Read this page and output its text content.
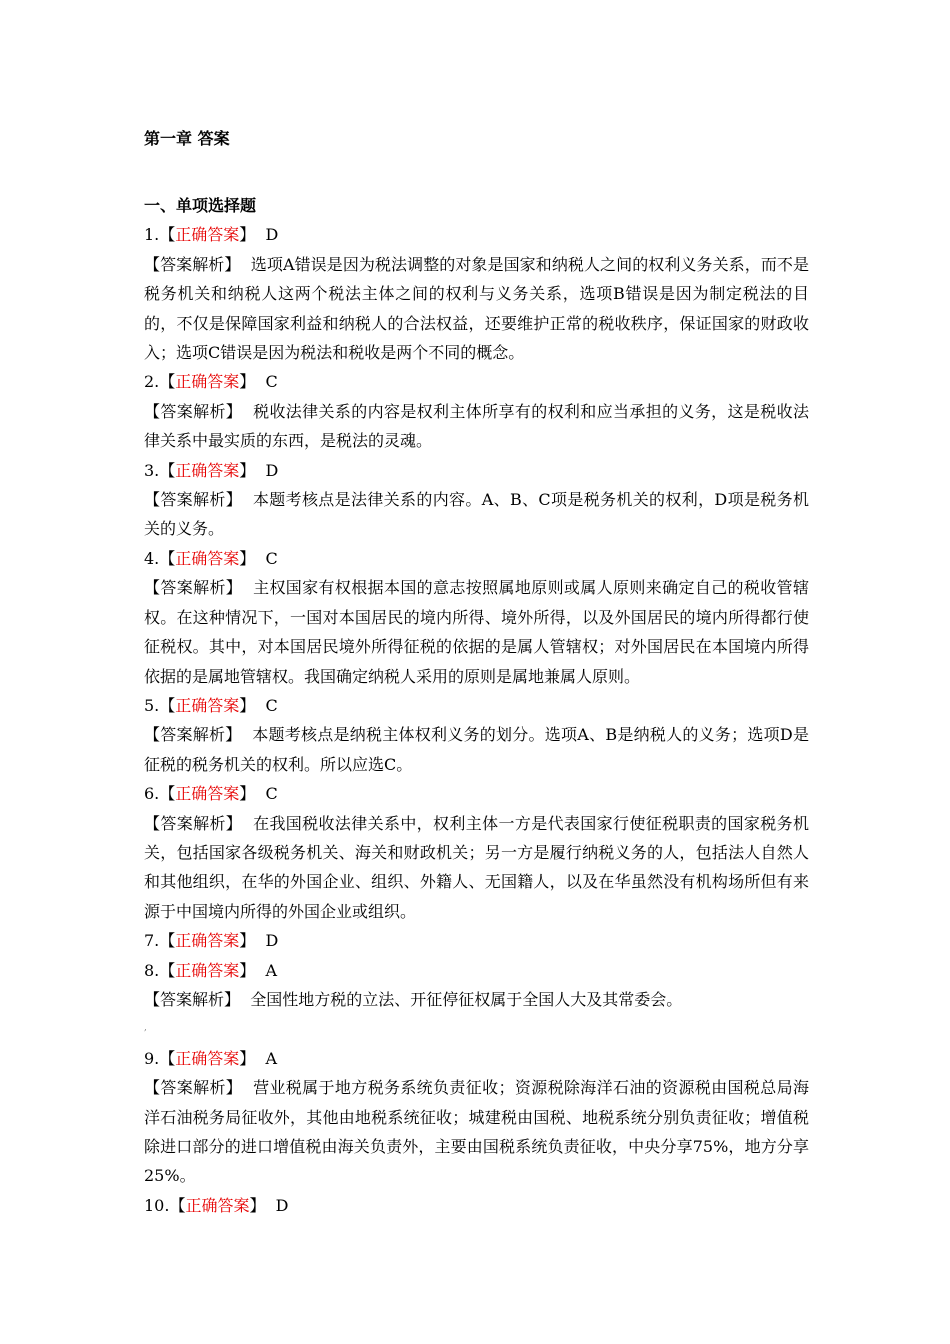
第一章 答案

一、单项选择题

1.【正确答案】 D

【答案解析】 选项A错误是因为税法调整的对象是国家和纳税人之间的权利义务关系，而不是税务机关和纳税人这两个税法主体之间的权利与义务关系，选项B错误是因为制定税法的目的，不仅是保障国家利益和纳税人的合法权益，还要维护正常的税收秩序，保证国家的财政收入；选项C错误是因为税法和税收是两个不同的概念。

2.【正确答案】 C

【答案解析】 税收法律关系的内容是权利主体所享有的权利和应当承担的义务，这是税收法律关系中最实质的东西，是税法的灵魂。

3.【正确答案】 D

【答案解析】 本题考核点是法律关系的内容。A、B、C项是税务机关的权利，D项是税务机关的义务。

4.【正确答案】 C

【答案解析】 主权国家有权根据本国的意志按照属地原则或属人原则来确定自己的税收管辖权。在这种情况下，一国对本国居民的境内所得、境外所得，以及外国居民的境内所得都行使征税权。其中，对本国居民境外所得征税的依据的是属人管辖权；对外国居民在本国境内所得依据的是属地管辖权。我国确定纳税人采用的原则是属地兼属人原则。

5.【正确答案】 C

【答案解析】 本题考核点是纳税主体权利义务的划分。选项A、B是纳税人的义务；选项D是征税的税务机关的权利。所以应选C。

6.【正确答案】 C

【答案解析】 在我国税收法律关系中，权利主体一方是代表国家行使征税职责的国家税务机关，包括国家各级税务机关、海关和财政机关；另一方是履行纳税义务的人，包括法人自然人和其他组织，在华的外国企业、组织、外籍人、无国籍人，以及在华虽然没有机构场所但有来源于中国境内所得的外国企业或组织。

7.【正确答案】 D

8.【正确答案】 A

【答案解析】 全国性地方税的立法、开征停征权属于全国人大及其常委会。

,

9.【正确答案】 A

【答案解析】 营业税属于地方税务系统负责征收；资源税除海洋石油的资源税由国税总局海洋石油税务局征收外，其他由地税系统征收；城建税由国税、地税系统分别负责征收；增值税除进口部分的进口增值税由海关负责外，主要由国税系统负责征收，中央分享75%，地方分享25%。

10.【正确答案】 D
